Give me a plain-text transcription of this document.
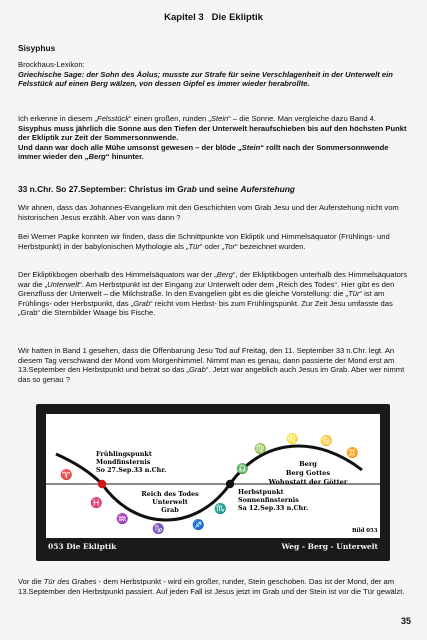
Kapitel 3 Die Ekliptik
Sisyphus

Brockhaus-Lexikon:

Griechische Sage: der Sohn des Äolus; musste zur Strafe für seine Verschlagenheit in der Unterwelt ein Felsstück auf einen Berg wälzen, von dessen Gipfel es immer wieder herabrollte.

Ich erkenne in diesem „Felsstück“ einen großen, runden „Stein“ – die Sonne. Man vergleiche dazu Band 4.

Sisyphus muss jährlich die Sonne aus den Tiefen der Unterwelt heraufschieben bis auf den höchsten Punkt der Ekliptik zur Zeit der Sommersonnwende.

Und dann war doch alle Mühe umsonst gewesen – der blöde „Stein“ rollt nach der Sommersonnwende immer wieder den „Berg“ hinunter.

33 n.Chr. So 27.September: Christus im Grab und seine Auferstehung
Wir ahnen, dass das Johannes-Evangelium mit den Geschichten vom Grab Jesu und der Auferstehung nicht vom historischen Jesus erzählt. Aber von was dann ?
Bei Werner Papke konnten wir finden, dass die Schnittpunkte von Ekliptik und Himmelsäquator (Frühlings- und Herbstpunkt) in der babylonischen Mythologie als „Tür“ oder „Tor“ bezeichnet wurden.
Der Ekliptikbogen oberhalb des Himmelsäquators war der „Berg“, der Ekliptikbogen unterhalb des Himmelsäquators war die „Unterwelt“. Am Herbstpunkt ist der Eingang zur Unterwelt oder dem „Reich des Todes“. Hier gibt es den Grenzfluss der Unterwelt – die Milchstraße. In den Evangelien gibt es die gleiche Vorstellung: die „Tür“ ist am Frühlings- oder Herbstpunkt, das „Grab“ reicht vom Herbst- bis zum Frühlingspunkt. Zur Zeit Jesu umfasste das „Grab“ die Sternbilder Waage bis Fische.
Wir hatten in Band 1 gesehen, dass die Offenbarung Jesu Tod auf Freitag, den 11. September 33 n.Chr. legt. An diesem Tag verschwand der Mond vom Morgenhimmel. Nimmt man es genau, dann passierte der Mond erst am 13.September den Herbstpunkt und betrat so das „Grab“. Jetzt war angeblich auch Jesus im Grab. Aber wer nimmt das so genau ?
♈
♓
♒
♑	♐
♏
♎
♍
♌ ♋
♊
Frühlingspunkt
Mondfinsternis
So 27.Sep.33 n.Chr.
Reich des Todes
Unterwelt
Grab
Herbstpunkt
Sonnenfinsternis
Sa 12.Sep.33 n.Chr.
Berg
Berg Gottes
Wohnstatt der Götter
Bild 053
053 Die Ekliptik	Weg - Berg - Unterwelt
Vor die Tür des Grabes - dem Herbstpunkt - wird ein großer, runder, Stein geschoben. Das ist der Mond, der am 13.September den Herbstpunkt passiert. Auf jeden Fall ist Jesus jetzt im Grab und der Stein ist vor die Tür gewälzt.
35
